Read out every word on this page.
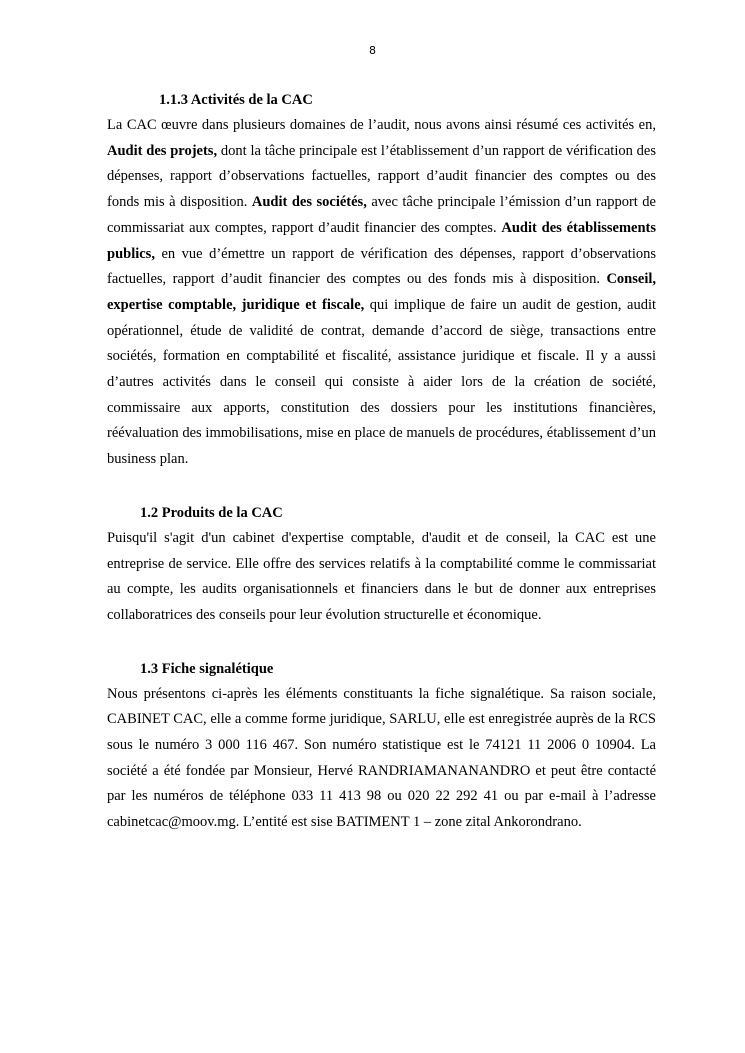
8

1.1.3 Activités de la CAC

La CAC œuvre dans plusieurs domaines de l’audit, nous avons ainsi résumé ces activités en, Audit des projets, dont la tâche principale est l’établissement d’un rapport de vérification des dépenses, rapport d’observations factuelles, rapport d’audit financier des comptes ou des fonds mis à disposition. Audit des sociétés, avec tâche principale l’émission d’un rapport de commissariat aux comptes, rapport d’audit financier des comptes. Audit des établissements publics, en vue d’émettre un rapport de vérification des dépenses, rapport d’observations factuelles, rapport d’audit financier des comptes ou des fonds mis à disposition. Conseil, expertise comptable, juridique et fiscale, qui implique de faire un audit de gestion, audit opérationnel, étude de validité de contrat, demande d’accord de siège, transactions entre sociétés, formation en comptabilité et fiscalité, assistance juridique et fiscale. Il y a aussi d’autres activités dans le conseil qui consiste à aider lors de la création de société, commissaire aux apports, constitution des dossiers pour les institutions financières, réévaluation des immobilisations, mise en place de manuels de procédures, établissement d’un business plan.

1.2 Produits de la CAC

Puisqu'il s'agit d'un cabinet d'expertise comptable, d'audit et de conseil, la CAC est une entreprise de service. Elle offre des services relatifs à la comptabilité comme le commissariat au compte, les audits organisationnels et financiers dans le but de donner aux entreprises collaboratrices des conseils pour leur évolution structurelle et économique.

1.3 Fiche signalétique

Nous présentons ci-après les éléments constituants la fiche signalétique. Sa raison sociale, CABINET CAC, elle a comme forme juridique, SARLU, elle est enregistrée auprès de la RCS sous le numéro 3 000 116 467. Son numéro statistique est le 74121 11 2006 0 10904. La société a été fondée par Monsieur, Hervé RANDRIAMANANANDRO et peut être contacté par les numéros de téléphone 033 11 413 98 ou 020 22 292 41 ou par e-mail à l’adresse cabinetcac@moov.mg. L’entité est sise BATIMENT 1 – zone zital Ankorondrano.
